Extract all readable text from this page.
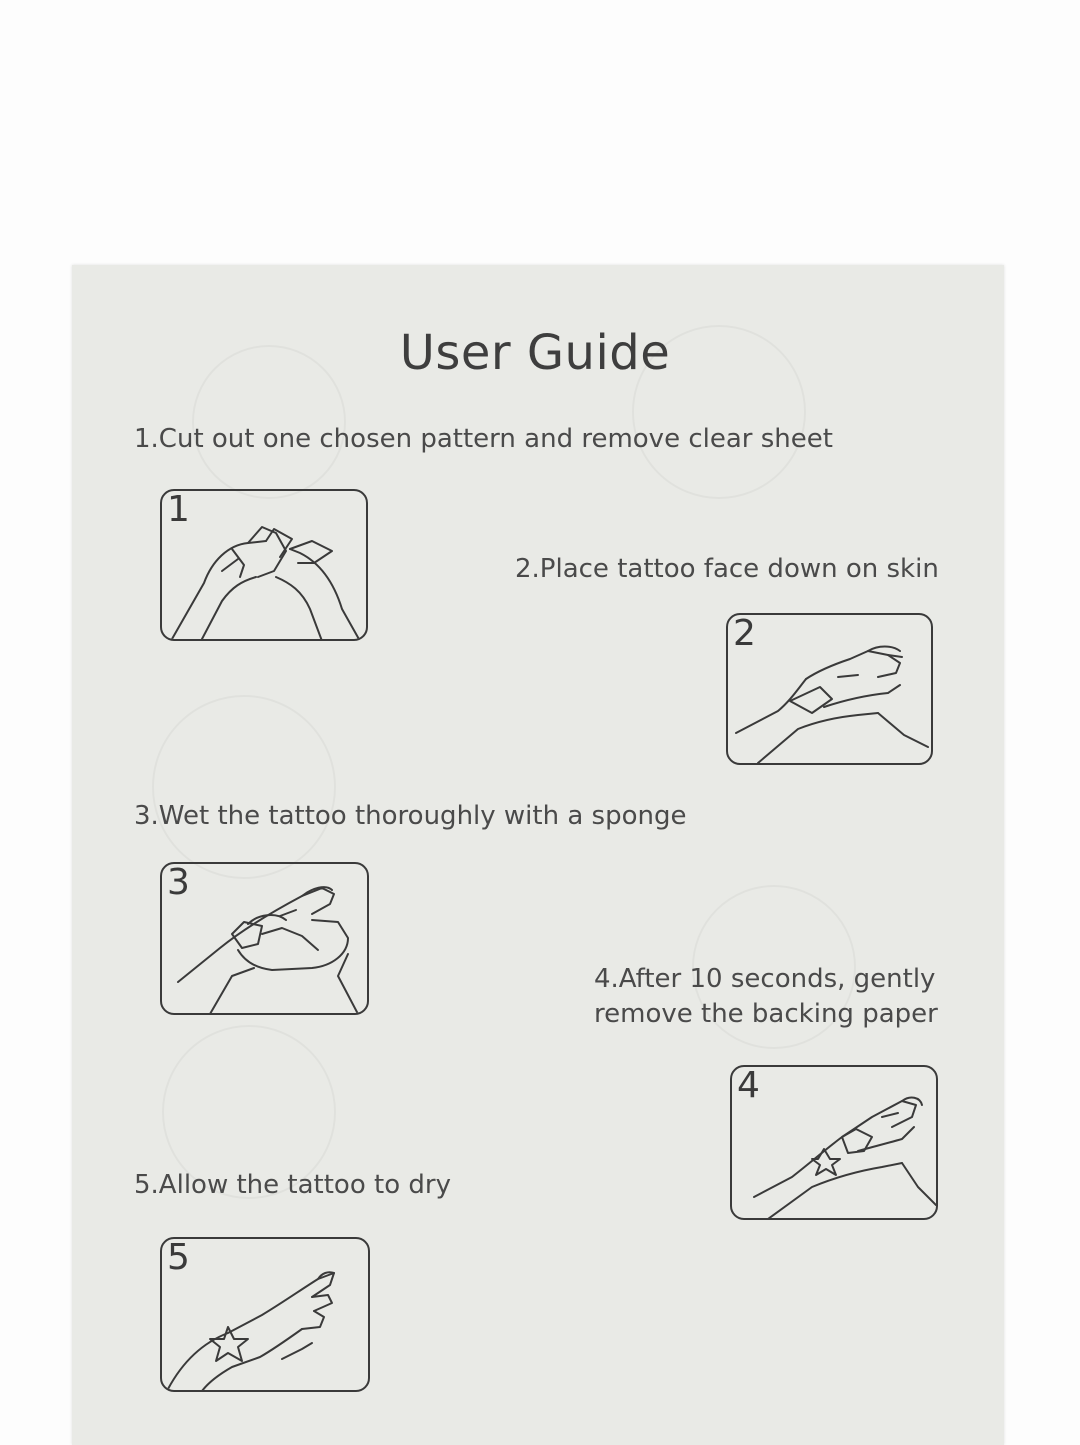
User Guide
1.Cut out one chosen pattern and remove clear sheet
1
2.Place tattoo face down on skin
2
3.Wet the tattoo thoroughly with a sponge
3
4.After 10 seconds, gently
remove the backing paper
4
5.Allow the tattoo to dry
5
